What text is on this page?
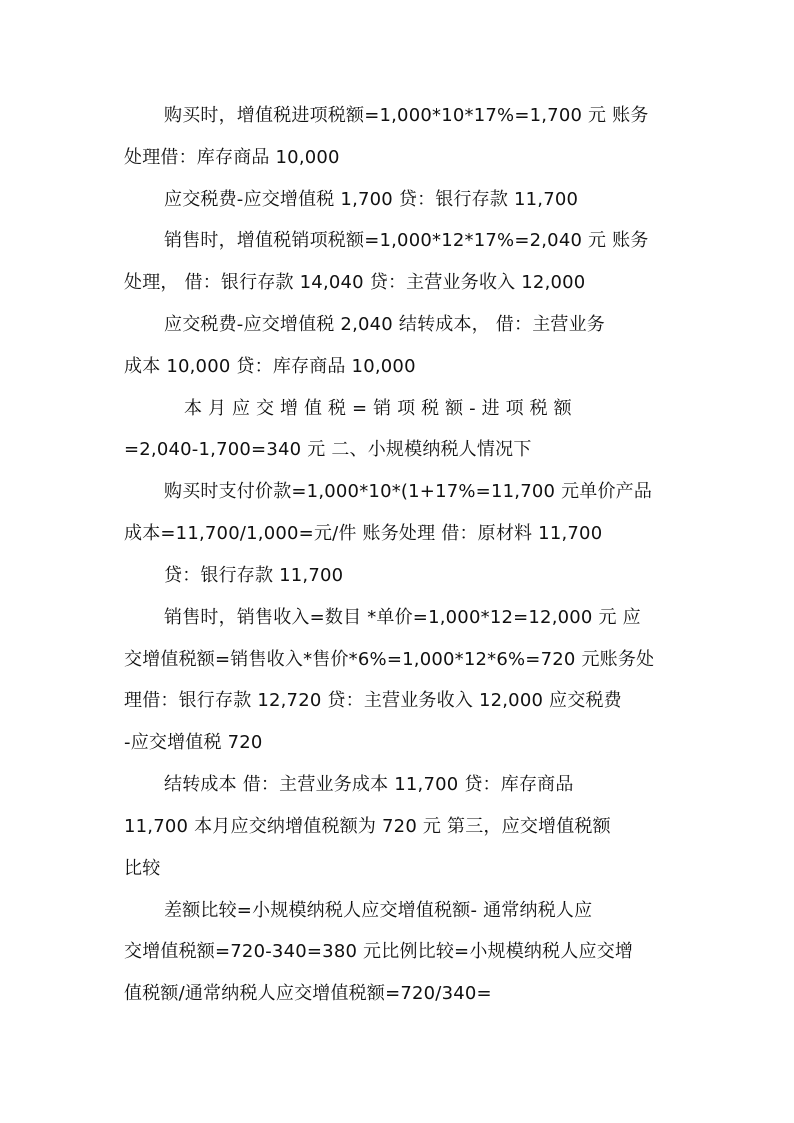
购买时，增值税进项税额=1,000*10*17%=1,700 元 账务
处理借：库存商品 10,000
应交税费-应交增值税 1,700 贷：银行存款 11,700
销售时，增值税销项税额=1,000*12*17%=2,040 元 账务
处理， 借：银行存款 14,040 贷：主营业务收入 12,000
应交税费-应交增值税 2,040 结转成本， 借：主营业务
成本 10,000 贷：库存商品 10,000
本月应交增值税=销项税额-进项税额
=2,040-1,700=340 元 二、小规模纳税人情况下
购买时支付价款=1,000*10*(1+17%=11,700 元单价产品
成本=11,700/1,000=元/件 账务处理 借：原材料 11,700
贷：银行存款 11,700
销售时，销售收入=数目 *单价=1,000*12=12,000 元 应
交增值税额=销售收入*售价*6%=1,000*12*6%=720 元账务处
理借：银行存款 12,720 贷：主营业务收入 12,000 应交税费
-应交增值税 720
结转成本 借：主营业务成本 11,700 贷：库存商品
11,700 本月应交纳增值税额为 720 元 第三，应交增值税额
比较
差额比较=小规模纳税人应交增值税额- 通常纳税人应
交增值税额=720-340=380 元比例比较=小规模纳税人应交增
值税额/通常纳税人应交增值税额=720/340=
